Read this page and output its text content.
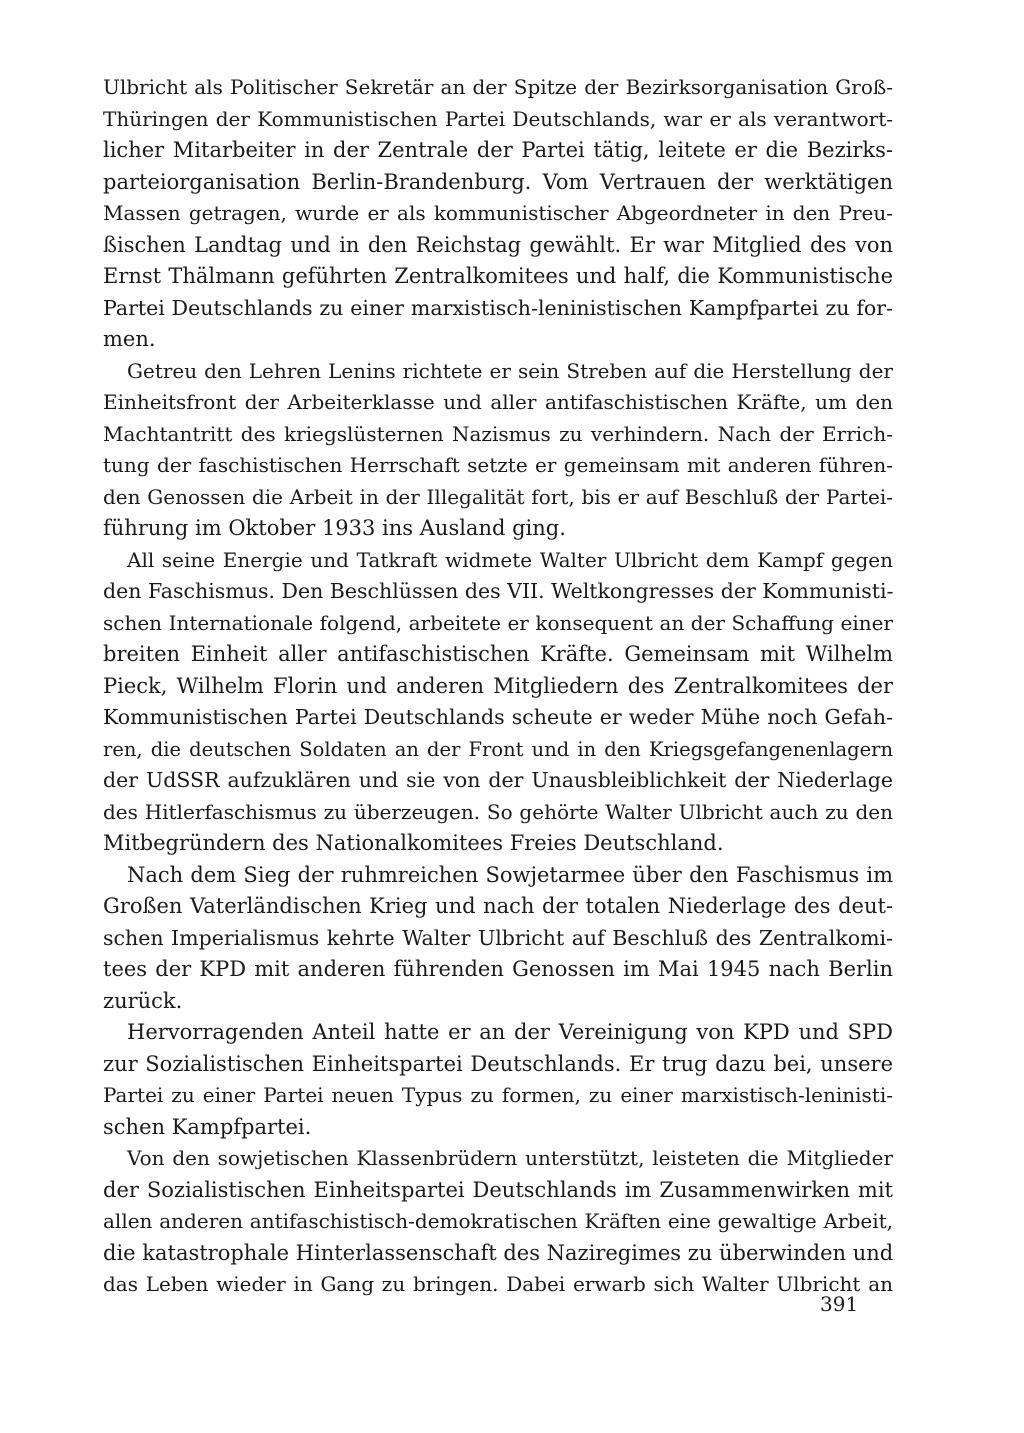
Ulbricht als Politischer Sekretär an der Spitze der Bezirksorganisation Groß-
Thüringen der Kommunistischen Partei Deutschlands, war er als verantwort-
licher Mitarbeiter in der Zentrale der Partei tätig, leitete er die Bezirks-
parteiorganisation Berlin-Brandenburg. Vom Vertrauen der werktätigen
Massen getragen, wurde er als kommunistischer Abgeordneter in den Preu-
ßischen Landtag und in den Reichstag gewählt. Er war Mitglied des von
Ernst Thälmann geführten Zentralkomitees und half, die Kommunistische
Partei Deutschlands zu einer marxistisch-leninistischen Kampfpartei zu for-
men.
Getreu den Lehren Lenins richtete er sein Streben auf die Herstellung der
Einheitsfront der Arbeiterklasse und aller antifaschistischen Kräfte, um den
Machtantritt des kriegslüsternen Nazismus zu verhindern. Nach der Errich-
tung der faschistischen Herrschaft setzte er gemeinsam mit anderen führen-
den Genossen die Arbeit in der Illegalität fort, bis er auf Beschluß der Partei-
führung im Oktober 1933 ins Ausland ging.
All seine Energie und Tatkraft widmete Walter Ulbricht dem Kampf gegen
den Faschismus. Den Beschlüssen des VII. Weltkongresses der Kommunisti-
schen Internationale folgend, arbeitete er konsequent an der Schaffung einer
breiten Einheit aller antifaschistischen Kräfte. Gemeinsam mit Wilhelm
Pieck, Wilhelm Florin und anderen Mitgliedern des Zentralkomitees der
Kommunistischen Partei Deutschlands scheute er weder Mühe noch Gefah-
ren, die deutschen Soldaten an der Front und in den Kriegsgefangenenlagern
der UdSSR aufzuklären und sie von der Unausbleiblichkeit der Niederlage
des Hitlerfaschismus zu überzeugen. So gehörte Walter Ulbricht auch zu den
Mitbegründern des Nationalkomitees Freies Deutschland.
Nach dem Sieg der ruhmreichen Sowjetarmee über den Faschismus im
Großen Vaterländischen Krieg und nach der totalen Niederlage des deut-
schen Imperialismus kehrte Walter Ulbricht auf Beschluß des Zentralkomi-
tees der KPD mit anderen führenden Genossen im Mai 1945 nach Berlin
zurück.
Hervorragenden Anteil hatte er an der Vereinigung von KPD und SPD
zur Sozialistischen Einheitspartei Deutschlands. Er trug dazu bei, unsere
Partei zu einer Partei neuen Typus zu formen, zu einer marxistisch-leninisti-
schen Kampfpartei.
Von den sowjetischen Klassenbrüdern unterstützt, leisteten die Mitglieder
der Sozialistischen Einheitspartei Deutschlands im Zusammenwirken mit
allen anderen antifaschistisch-demokratischen Kräften eine gewaltige Arbeit,
die katastrophale Hinterlassenschaft des Naziregimes zu überwinden und
das Leben wieder in Gang zu bringen. Dabei erwarb sich Walter Ulbricht an
391
